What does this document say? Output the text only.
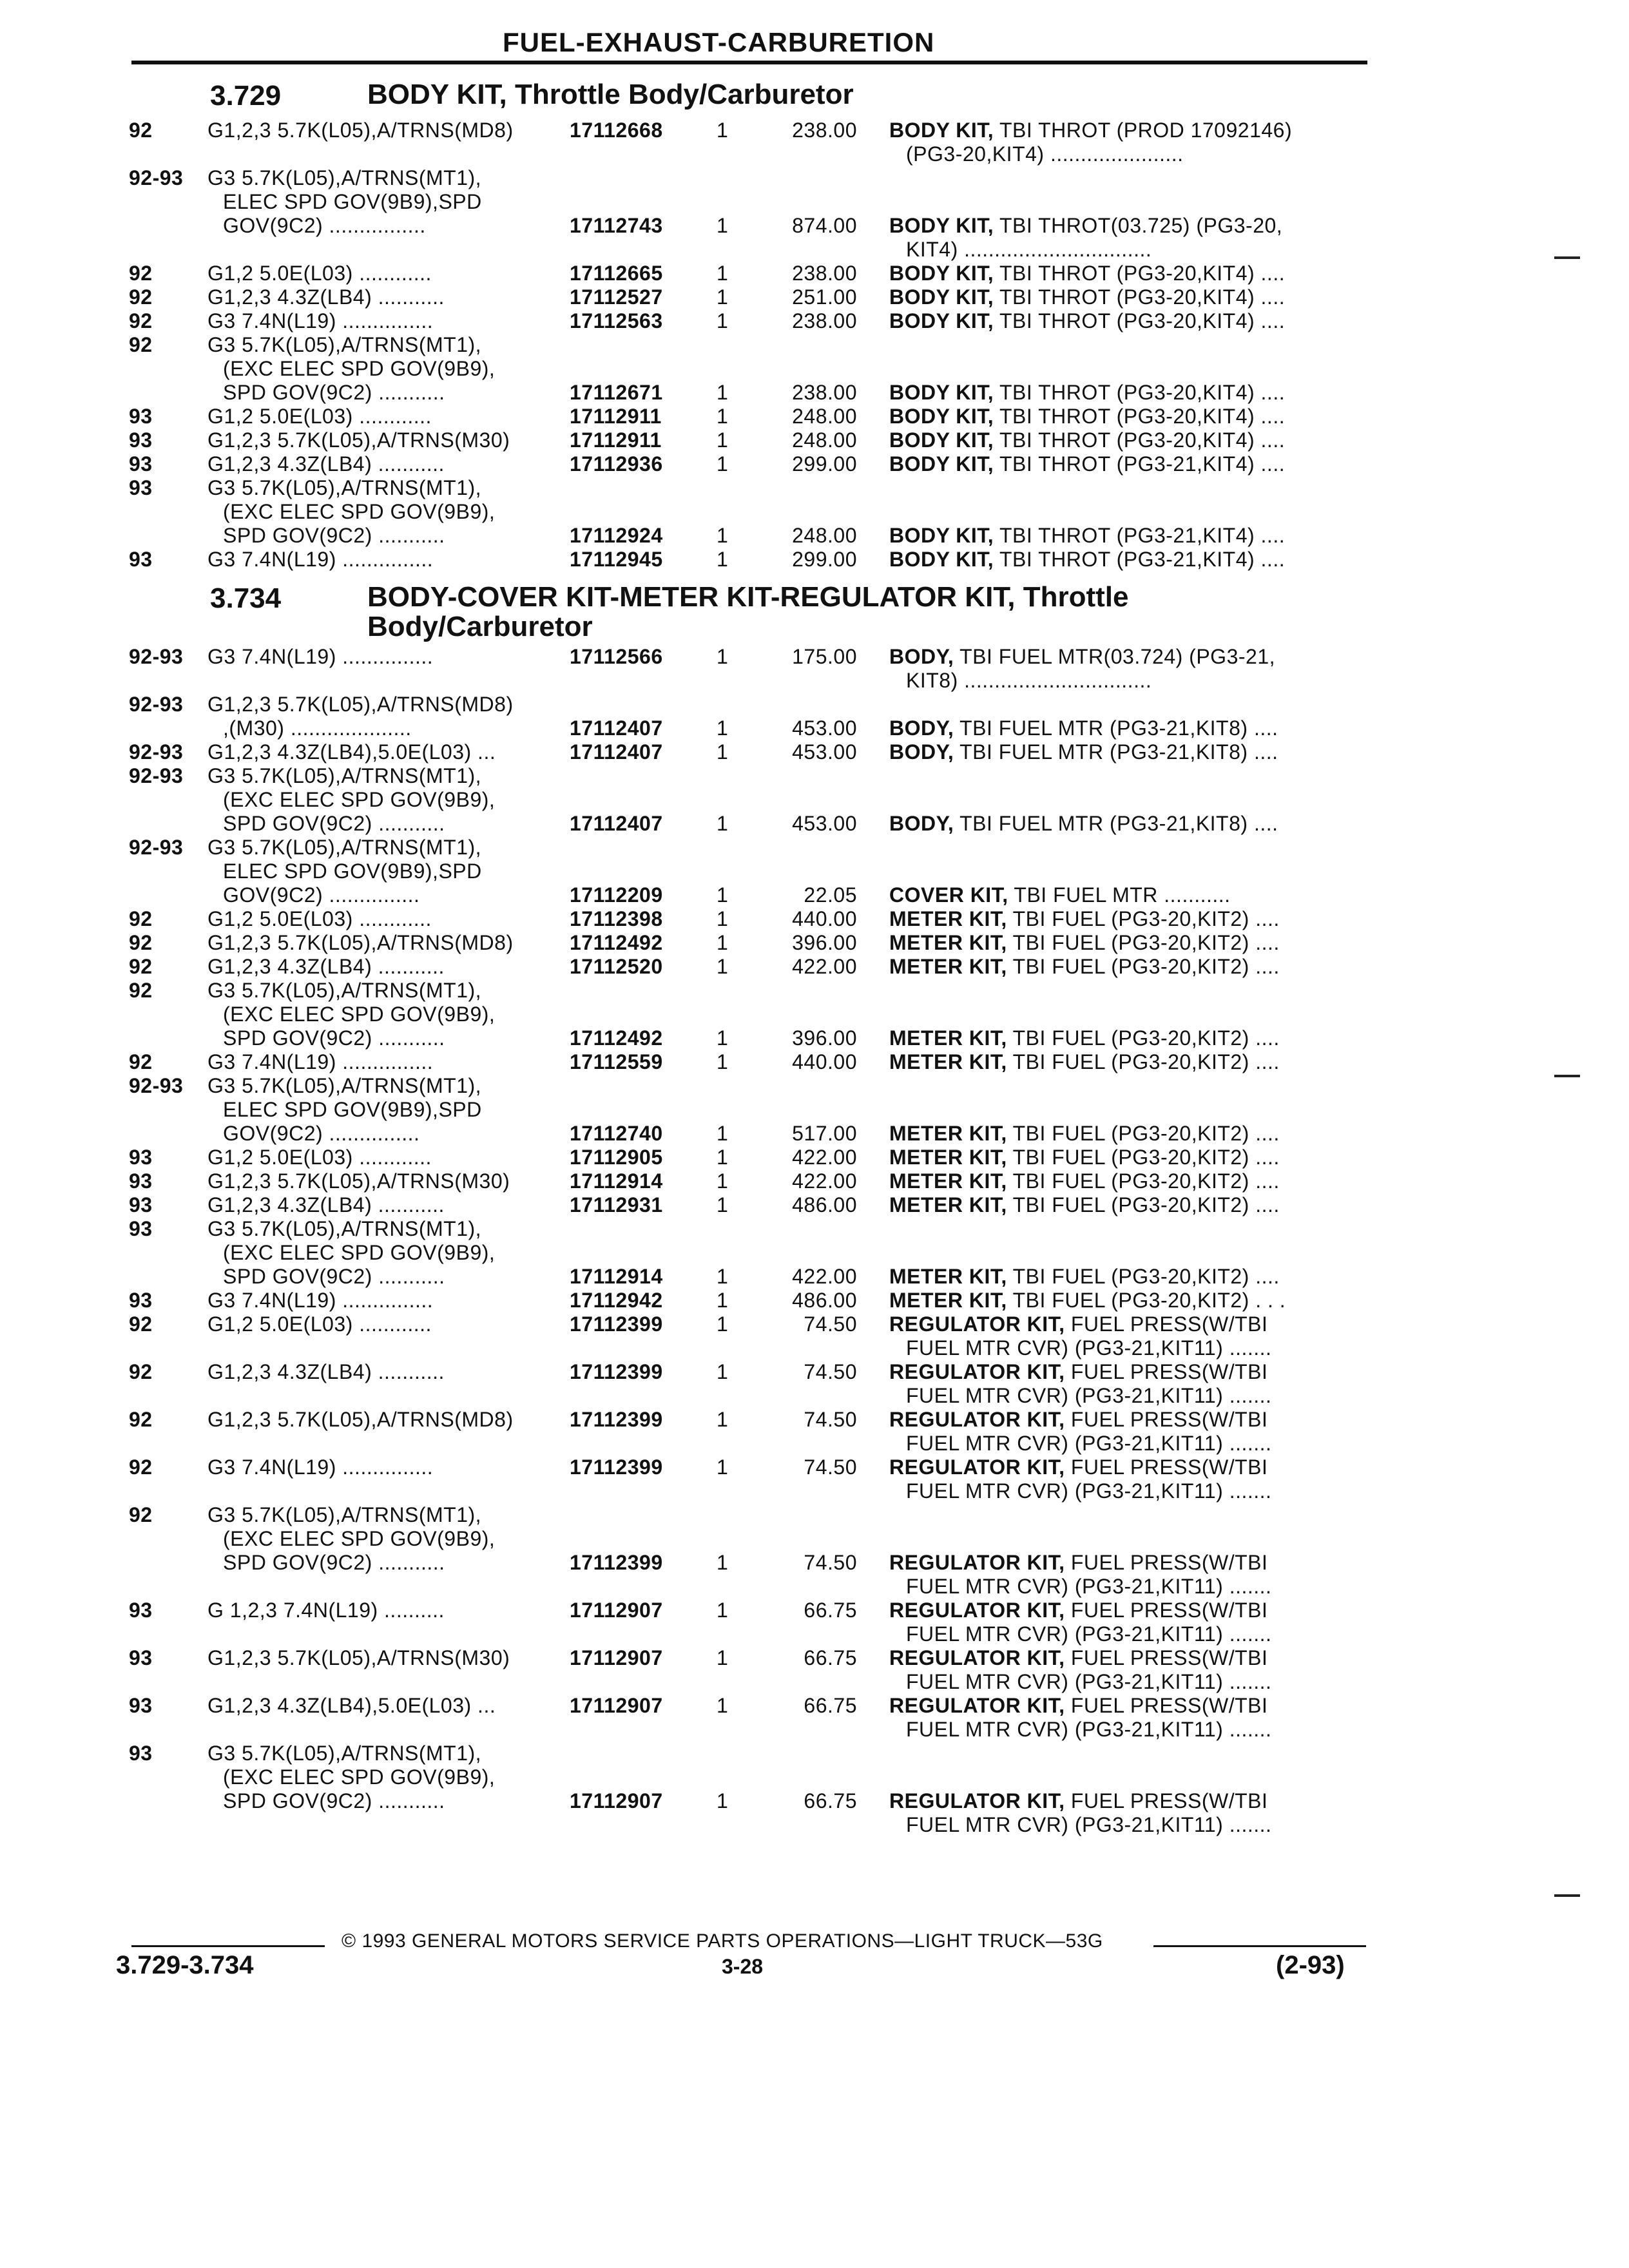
FUEL-EXHAUST-CARBURETION
3.729	BODY KIT, Throttle Body/Carburetor
92	G1,2,3 5.7K(L05),A/TRNS(MD8)	17112668	1	238.00 BODY KIT, TBI THROT (PROD 17092146)
(PG3-20,KIT4) ......................
92-93 G3 5.7K(L05),A/TRNS(MT1),
ELEC SPD GOV(9B9),SPD
GOV(9C2) ................	17112743	1	874.00 BODY KIT, TBI THROT(03.725) (PG3-20,
KIT4) ...............................
92	G1,2 5.0E(L03) ............	17112665	1	238.00 BODY KIT, TBI THROT (PG3-20,KIT4) ....
92	G1,2,3 4.3Z(LB4) ...........	17112527	1	251.00 BODY KIT, TBI THROT (PG3-20,KIT4) ....
92	G3 7.4N(L19) ...............	17112563	1	238.00 BODY KIT, TBI THROT (PG3-20,KIT4) ....
92	G3 5.7K(L05),A/TRNS(MT1),
(EXC ELEC SPD GOV(9B9),
SPD GOV(9C2) ...........	17112671	1	238.00 BODY KIT, TBI THROT (PG3-20,KIT4) ....
93	G1,2 5.0E(L03) ............	17112911	1	248.00 BODY KIT, TBI THROT (PG3-20,KIT4) ....
93	G1,2,3 5.7K(L05),A/TRNS(M30)	17112911	1	248.00 BODY KIT, TBI THROT (PG3-20,KIT4) ....
93	G1,2,3 4.3Z(LB4) ...........	17112936	1	299.00 BODY KIT, TBI THROT (PG3-21,KIT4) ....
93	G3 5.7K(L05),A/TRNS(MT1),
(EXC ELEC SPD GOV(9B9),
SPD GOV(9C2) ...........	17112924	1	248.00 BODY KIT, TBI THROT (PG3-21,KIT4) ....
93	G3 7.4N(L19) ...............	17112945	1	299.00 BODY KIT, TBI THROT (PG3-21,KIT4) ....
3.734	BODY-COVER KIT-METER KIT-REGULATOR KIT, Throttle
Body/Carburetor
92-93 G3 7.4N(L19) ...............	17112566	1	175.00 BODY, TBI FUEL MTR(03.724) (PG3-21,
KIT8) ...............................
92-93 G1,2,3 5.7K(L05),A/TRNS(MD8)
,(M30) ....................	17112407	1	453.00 BODY, TBI FUEL MTR (PG3-21,KIT8) ....
92-93 G1,2,3 4.3Z(LB4),5.0E(L03) ...	17112407	1	453.00 BODY, TBI FUEL MTR (PG3-21,KIT8) ....
92-93 G3 5.7K(L05),A/TRNS(MT1),
(EXC ELEC SPD GOV(9B9),
SPD GOV(9C2) ...........	17112407	1	453.00 BODY, TBI FUEL MTR (PG3-21,KIT8) ....
92-93 G3 5.7K(L05),A/TRNS(MT1),
ELEC SPD GOV(9B9),SPD
GOV(9C2) ...............	17112209	1	22.05 COVER KIT, TBI FUEL MTR ...........
92	G1,2 5.0E(L03) ............	17112398	1	440.00 METER KIT, TBI FUEL (PG3-20,KIT2) ....
92	G1,2,3 5.7K(L05),A/TRNS(MD8)	17112492	1	396.00 METER KIT, TBI FUEL (PG3-20,KIT2) ....
92	G1,2,3 4.3Z(LB4) ...........	17112520	1	422.00 METER KIT, TBI FUEL (PG3-20,KIT2) ....
92	G3 5.7K(L05),A/TRNS(MT1),
(EXC ELEC SPD GOV(9B9),
SPD GOV(9C2) ...........	17112492	1	396.00 METER KIT, TBI FUEL (PG3-20,KIT2) ....
92	G3 7.4N(L19) ...............	17112559	1	440.00 METER KIT, TBI FUEL (PG3-20,KIT2) ....
92-93 G3 5.7K(L05),A/TRNS(MT1),
ELEC SPD GOV(9B9),SPD
GOV(9C2) ...............	17112740	1	517.00 METER KIT, TBI FUEL (PG3-20,KIT2) ....
93	G1,2 5.0E(L03) ............	17112905	1	422.00 METER KIT, TBI FUEL (PG3-20,KIT2) ....
93	G1,2,3 5.7K(L05),A/TRNS(M30)	17112914	1	422.00 METER KIT, TBI FUEL (PG3-20,KIT2) ....
93	G1,2,3 4.3Z(LB4) ...........	17112931	1	486.00 METER KIT, TBI FUEL (PG3-20,KIT2) ....
93	G3 5.7K(L05),A/TRNS(MT1),
(EXC ELEC SPD GOV(9B9),
SPD GOV(9C2) ...........	17112914	1	422.00 METER KIT, TBI FUEL (PG3-20,KIT2) ....
93	G3 7.4N(L19) ...............	17112942	1	486.00 METER KIT, TBI FUEL (PG3-20,KIT2) . . .
92	G1,2 5.0E(L03) ............	17112399	1	74.50 REGULATOR KIT, FUEL PRESS(W/TBI
FUEL MTR CVR) (PG3-21,KIT11) .......
92	G1,2,3 4.3Z(LB4) ...........	17112399	1	74.50 REGULATOR KIT, FUEL PRESS(W/TBI
FUEL MTR CVR) (PG3-21,KIT11) .......
92	G1,2,3 5.7K(L05),A/TRNS(MD8)	17112399	1	74.50 REGULATOR KIT, FUEL PRESS(W/TBI
FUEL MTR CVR) (PG3-21,KIT11) .......
92	G3 7.4N(L19) ...............	17112399	1	74.50 REGULATOR KIT, FUEL PRESS(W/TBI
FUEL MTR CVR) (PG3-21,KIT11) .......
92	G3 5.7K(L05),A/TRNS(MT1),
(EXC ELEC SPD GOV(9B9),
SPD GOV(9C2) ...........	17112399	1	74.50 REGULATOR KIT, FUEL PRESS(W/TBI
FUEL MTR CVR) (PG3-21,KIT11) .......
93	G 1,2,3 7.4N(L19) ..........	17112907	1	66.75 REGULATOR KIT, FUEL PRESS(W/TBI
FUEL MTR CVR) (PG3-21,KIT11) .......
93	G1,2,3 5.7K(L05),A/TRNS(M30)	17112907	1	66.75 REGULATOR KIT, FUEL PRESS(W/TBI
FUEL MTR CVR) (PG3-21,KIT11) .......
93	G1,2,3 4.3Z(LB4),5.0E(L03) ...	17112907	1	66.75 REGULATOR KIT, FUEL PRESS(W/TBI
FUEL MTR CVR) (PG3-21,KIT11) .......
93	G3 5.7K(L05),A/TRNS(MT1),
(EXC ELEC SPD GOV(9B9),
SPD GOV(9C2) ...........	17112907	1	66.75 REGULATOR KIT, FUEL PRESS(W/TBI
FUEL MTR CVR) (PG3-21,KIT11) .......
© 1993 GENERAL MOTORS SERVICE PARTS OPERATIONS—LIGHT TRUCK—53G
3.729-3.734	3-28	(2-93)
